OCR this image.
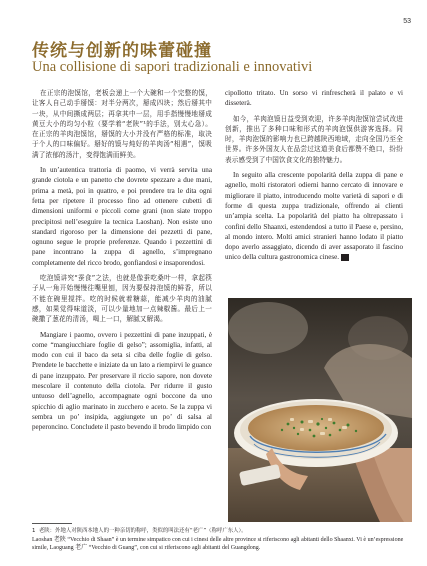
53
传统与创新的味蕾碰撞
Una collisione di sapori tradizionali e innovativi

在正宗的泡馍馆，老板会递上一个大碗和一个完整的馍，让客人自己动手掰馍：对半分两次，掰成四块；然后掰其中一块，从中间撕成两层；再拿其中一层，用手指慢慢地掰成黄豆大小的均匀小粒（要学着“老陕”¹的手法，别太心急）。在正宗的羊肉泡馍馆，掰馍的大小并没有严格的标准，取决于个人的口味偏好。掰好的馍与炖好的羊肉汤“相遇”，馍吸满了浓郁的汤汁，变得饱满而鲜美。

In un’autentica trattoria di paomo, vi verrà servita una grande ciotola e un panetto che dovrete spezzare a due mani, prima a metà, poi in quattro, e poi prendere tra le dita ogni fetta per ripetere il processo fino ad ottenere cubetti di dimensioni uniformi e piccoli come grani (non siate troppo precipitosi nell’eseguire la tecnica Laoshan). Non esiste uno standard rigoroso per la dimensione dei pezzetti di pane, ognuno segue le proprie preferenze. Quando i pezzettini di pane incontrano la zuppa di agnello, s’impregnano completamente del ricco brodo, gonfiandosi e insaporendosi.

吃泡馍讲究“蚕食”之法，也就是像蚕吃桑叶一样，拿起筷子从一角开始慢慢往嘴里刨，因为要保持泡馍的鲜香，所以不能在碗里搅拌。吃的时候就着糖蒜，能减少羊肉的油腻感，如果觉得味道淡，可以少量地加一点辣椒酱。最后上一碗撒了葱花的清汤，喝上一口，解腻又解渴。

Mangiare i paomo, ovvero i pezzettini di pane inzuppati, è come “mangiucchiare foglie di gelso”; assomiglia, infatti, al modo con cui il baco da seta si ciba delle foglie di gelso. Prendete le bacchette e iniziate da un lato a riempirvi le guance di pane inzuppato. Per preservare il riccio sapore, non dovete mescolare il contenuto della ciotola. Per ridurre il gusto untuoso dell’agnello, accompagnate ogni boccone da uno spicchio di aglio marinato in zucchero e aceto. Se la zuppa vi sembra un po’ insipida, aggiungete un po’ di salsa al peperoncino. Concludete il pasto bevendo il brodo limpido con

cipollotto tritato. Un sorso vi rinfrescherà il palato e vi disseterà.

如今，羊肉泡馍日益受到欢迎，许多羊肉泡馍馆尝试改进创新，推出了多种口味和形式的羊肉泡馍供游客选择。同时，羊肉泡馍的影响力也已跨越陕西地域，走向全国乃至全世界。许多外国友人在品尝过这道美食后都赞不绝口，纷纷表示感受到了中国饮食文化的独特魅力。

In seguito alla crescente popolarità della zuppa di pane e agnello, molti ristoratori odierni hanno cercato di innovare e migliorare il piatto, introducendo molte varietà di sapori e di forme di questa zuppa tradizionale, offrendo ai clienti un’ampia scelta. La popolarità del piatto ha oltrepassato i confini dello Shaanxi, estendendosi a tutto il Paese e, persino, al mondo intero. Molti amici stranieri hanno lodato il piatto dopo averlo assaggiato, dicendo di aver assaporato il fascino unico della cultura gastronomica cinese. ⓘ

1 老陕：外地人对陕西本地人的一种亲切的称呼，类似的叫法还有“老广”（称呼广东人）。
Laoshan 老陕 “Vecchio di Shaan” è un termine simpatico con cui i cinesi delle altre province si riferiscono agli abitanti dello Shaanxi. Vi è un’espressione simile, Laoguang 老广 “Vecchio di Guang”, con cui si riferiscono agli abitanti del Guangdong.
